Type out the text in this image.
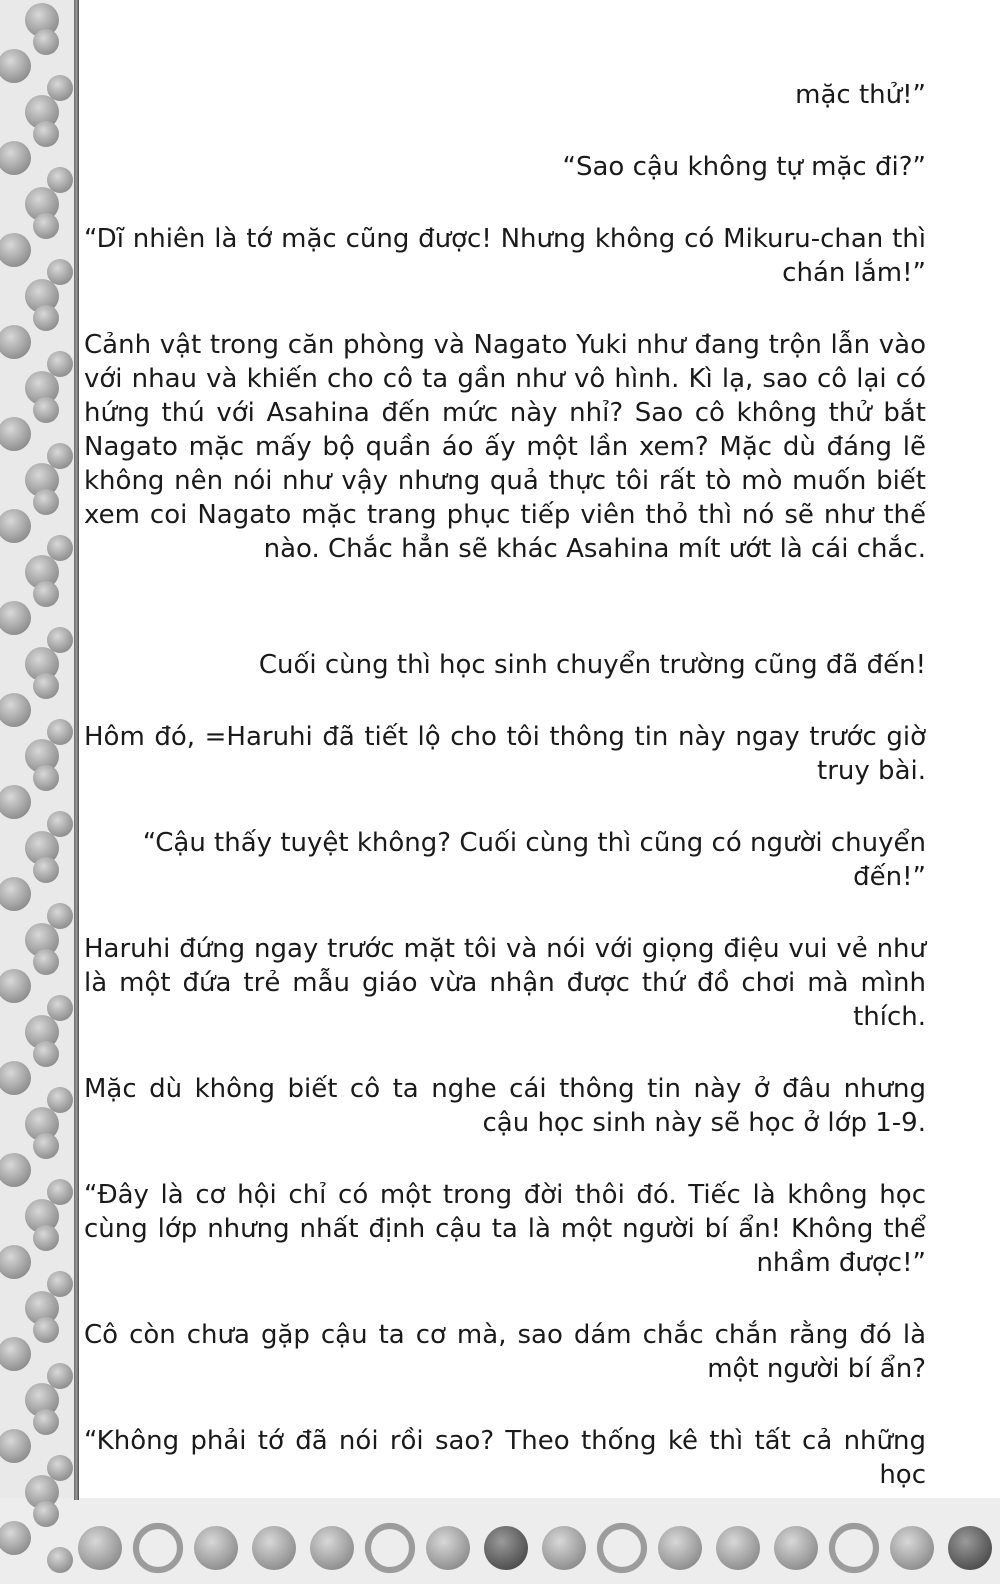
mặc thử!”

“Sao cậu không tự mặc đi?”

“Dĩ nhiên là tớ mặc cũng được! Nhưng không có Mikuru-chan thì chán lắm!”

Cảnh vật trong căn phòng và Nagato Yuki như đang trộn lẫn vào với nhau và khiến cho cô ta gần như vô hình. Kì lạ, sao cô lại có hứng thú với Asahina đến mức này nhỉ? Sao cô không thử bắt Nagato mặc mấy bộ quần áo ấy một lần xem? Mặc dù đáng lẽ không nên nói như vậy nhưng quả thực tôi rất tò mò muốn biết xem coi Nagato mặc trang phục tiếp viên thỏ thì nó sẽ như thế nào. Chắc hẳn sẽ khác Asahina mít ướt là cái chắc.

Cuối cùng thì học sinh chuyển trường cũng đã đến!

Hôm đó, =Haruhi đã tiết lộ cho tôi thông tin này ngay trước giờ truy bài.

“Cậu thấy tuyệt không? Cuối cùng thì cũng có người chuyển đến!”

Haruhi đứng ngay trước mặt tôi và nói với giọng điệu vui vẻ như là một đứa trẻ mẫu giáo vừa nhận được thứ đồ chơi mà mình thích.

Mặc dù không biết cô ta nghe cái thông tin này ở đâu nhưng cậu học sinh này sẽ học ở lớp 1-9.

“Đây là cơ hội chỉ có một trong đời thôi đó. Tiếc là không học cùng lớp nhưng nhất định cậu ta là một người bí ẩn! Không thể nhầm được!”

Cô còn chưa gặp cậu ta cơ mà, sao dám chắc chắn rằng đó là một người bí ẩn?

“Không phải tớ đã nói rồi sao? Theo thống kê thì tất cả những học
